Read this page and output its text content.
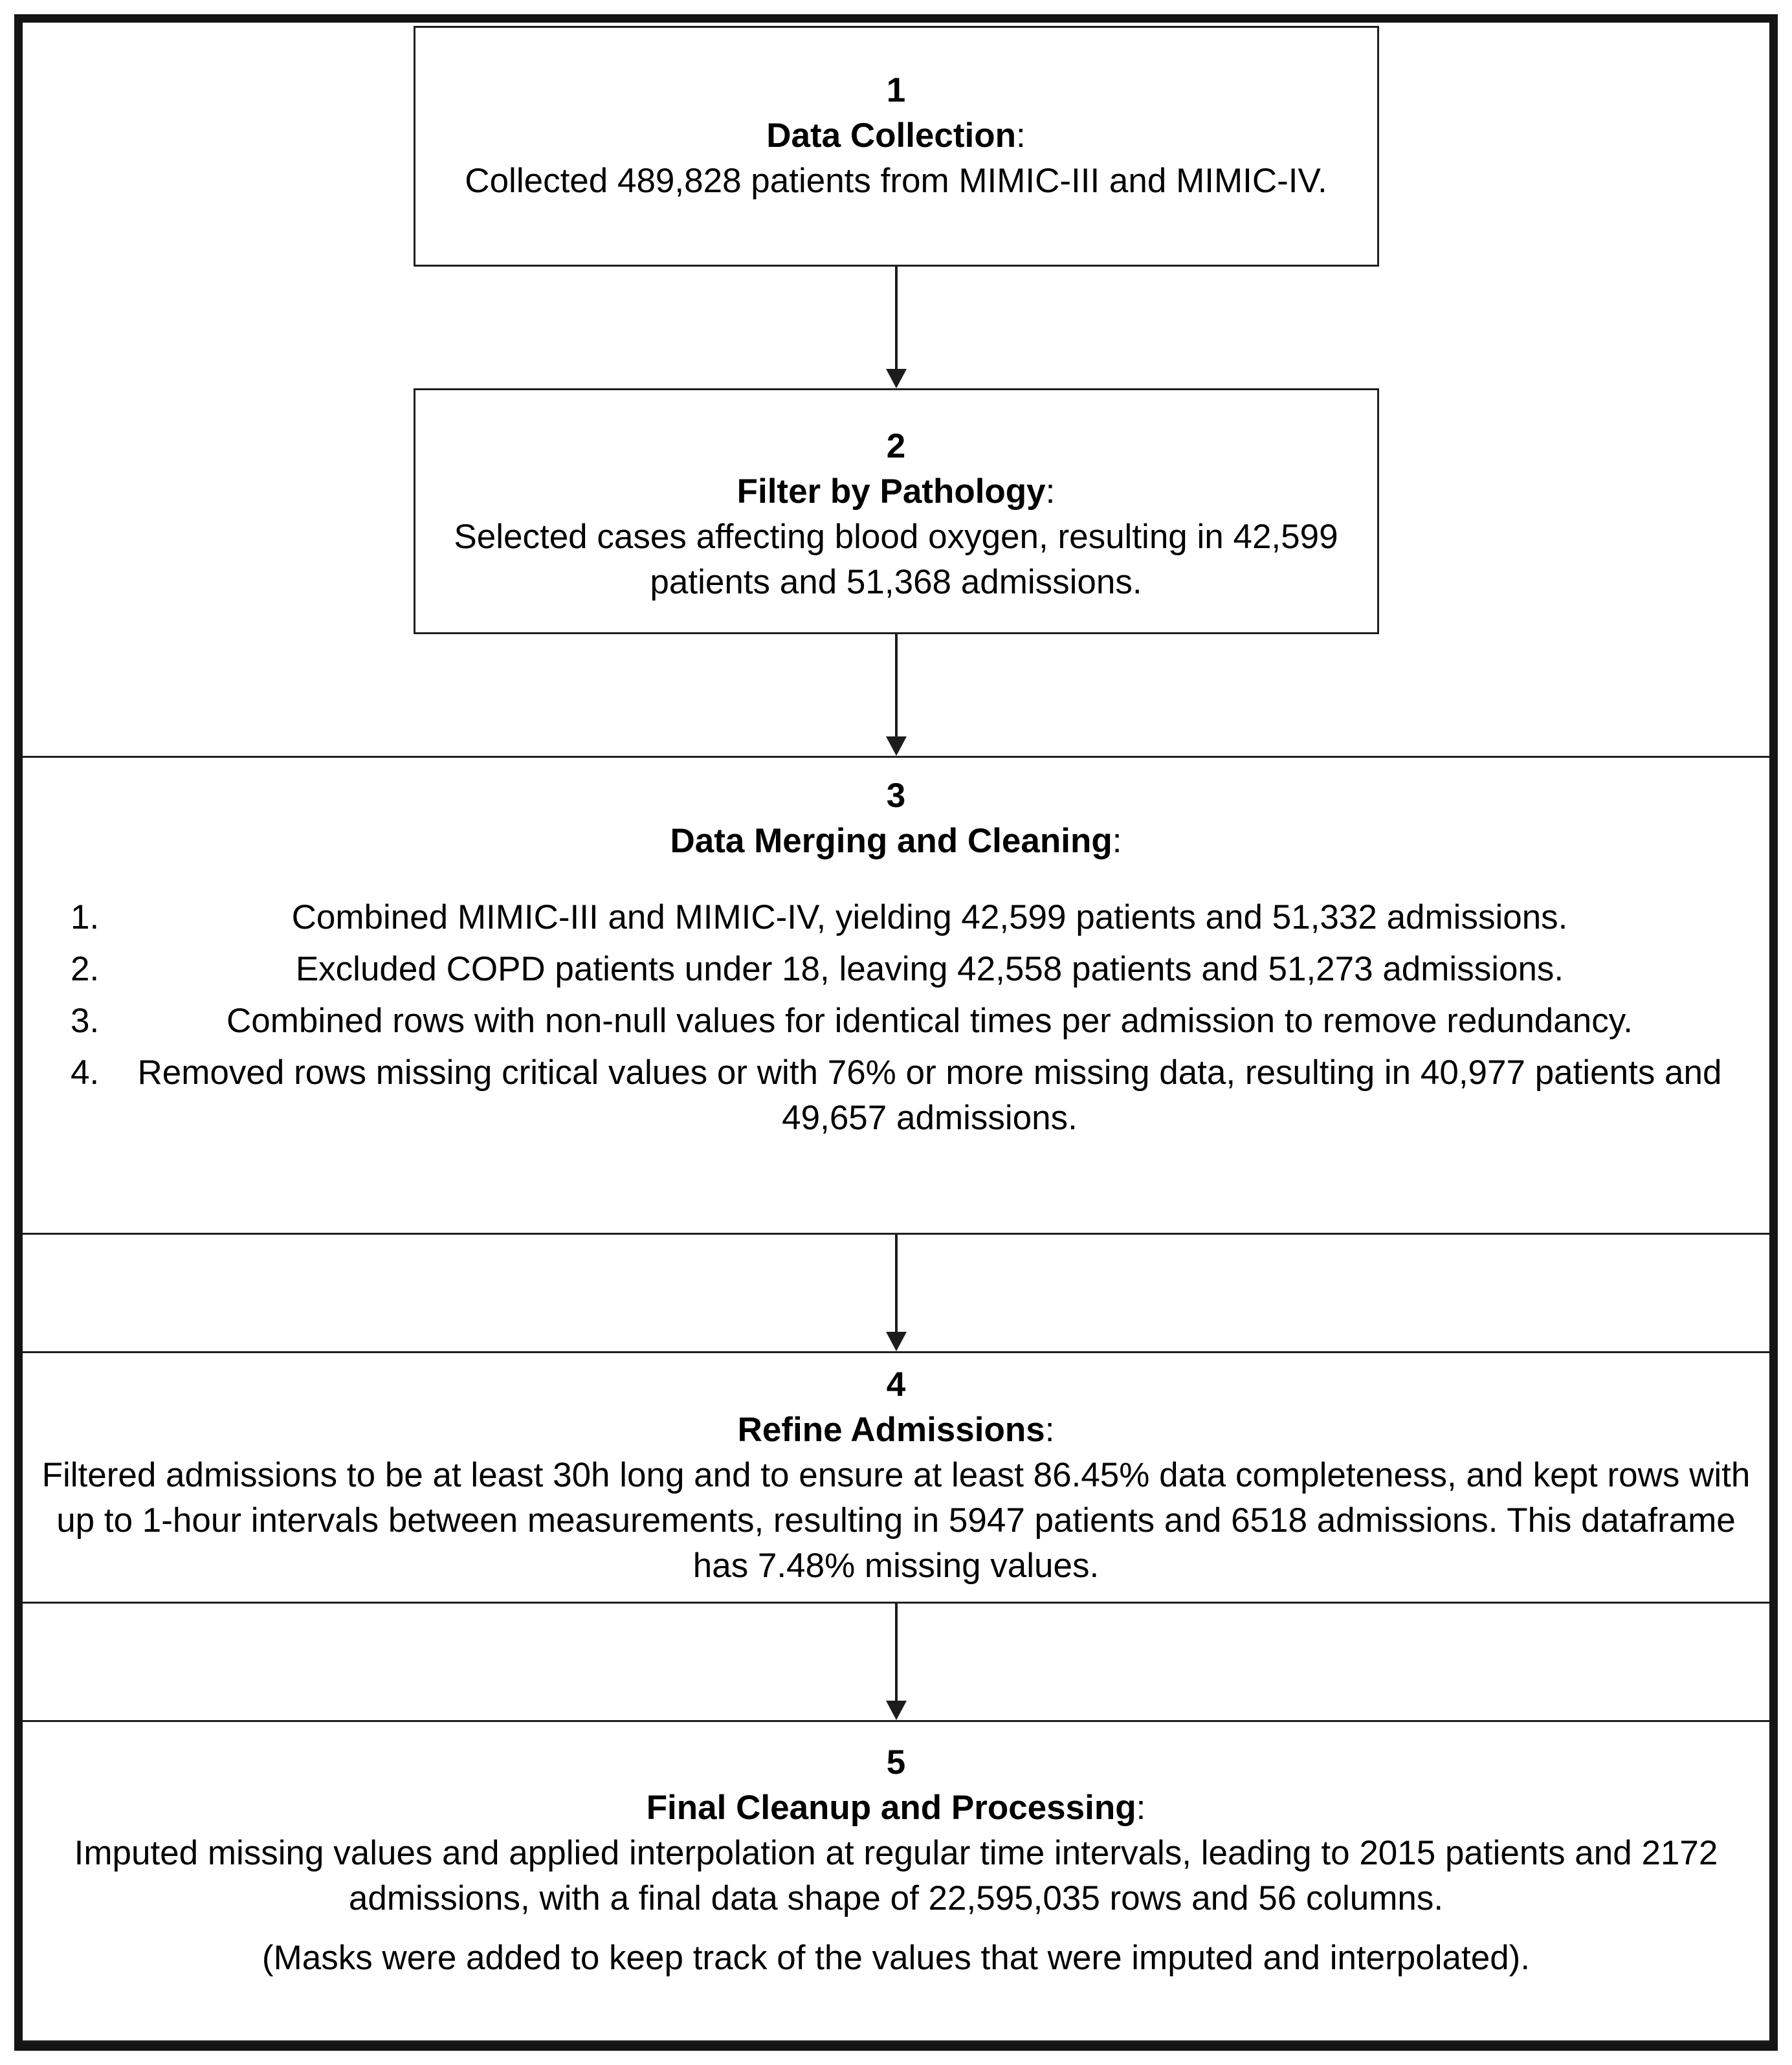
1
Data Collection:
Collected 489,828 patients from MIMIC-III and MIMIC-IV.
2
Filter by Pathology:
Selected cases affecting blood oxygen, resulting in 42,599 patients and 51,368 admissions.
3
Data Merging and Cleaning:
1.	Combined MIMIC-III and MIMIC-IV, yielding 42,599 patients and 51,332 admissions.
2.	Excluded COPD patients under 18, leaving 42,558 patients and 51,273 admissions.
3.	Combined rows with non-null values for identical times per admission to remove redundancy.
4. Removed rows missing critical values or with 76% or more missing data, resulting in 40,977 patients and 49,657 admissions.
4
Refine Admissions:
Filtered admissions to be at least 30h long and to ensure at least 86.45% data completeness, and kept rows with up to 1-hour intervals between measurements, resulting in 5947 patients and 6518 admissions. This dataframe has 7.48% missing values.
5
Final Cleanup and Processing:
Imputed missing values and applied interpolation at regular time intervals, leading to 2015 patients and 2172 admissions, with a final data shape of 22,595,035 rows and 56 columns.
(Masks were added to keep track of the values that were imputed and interpolated).
